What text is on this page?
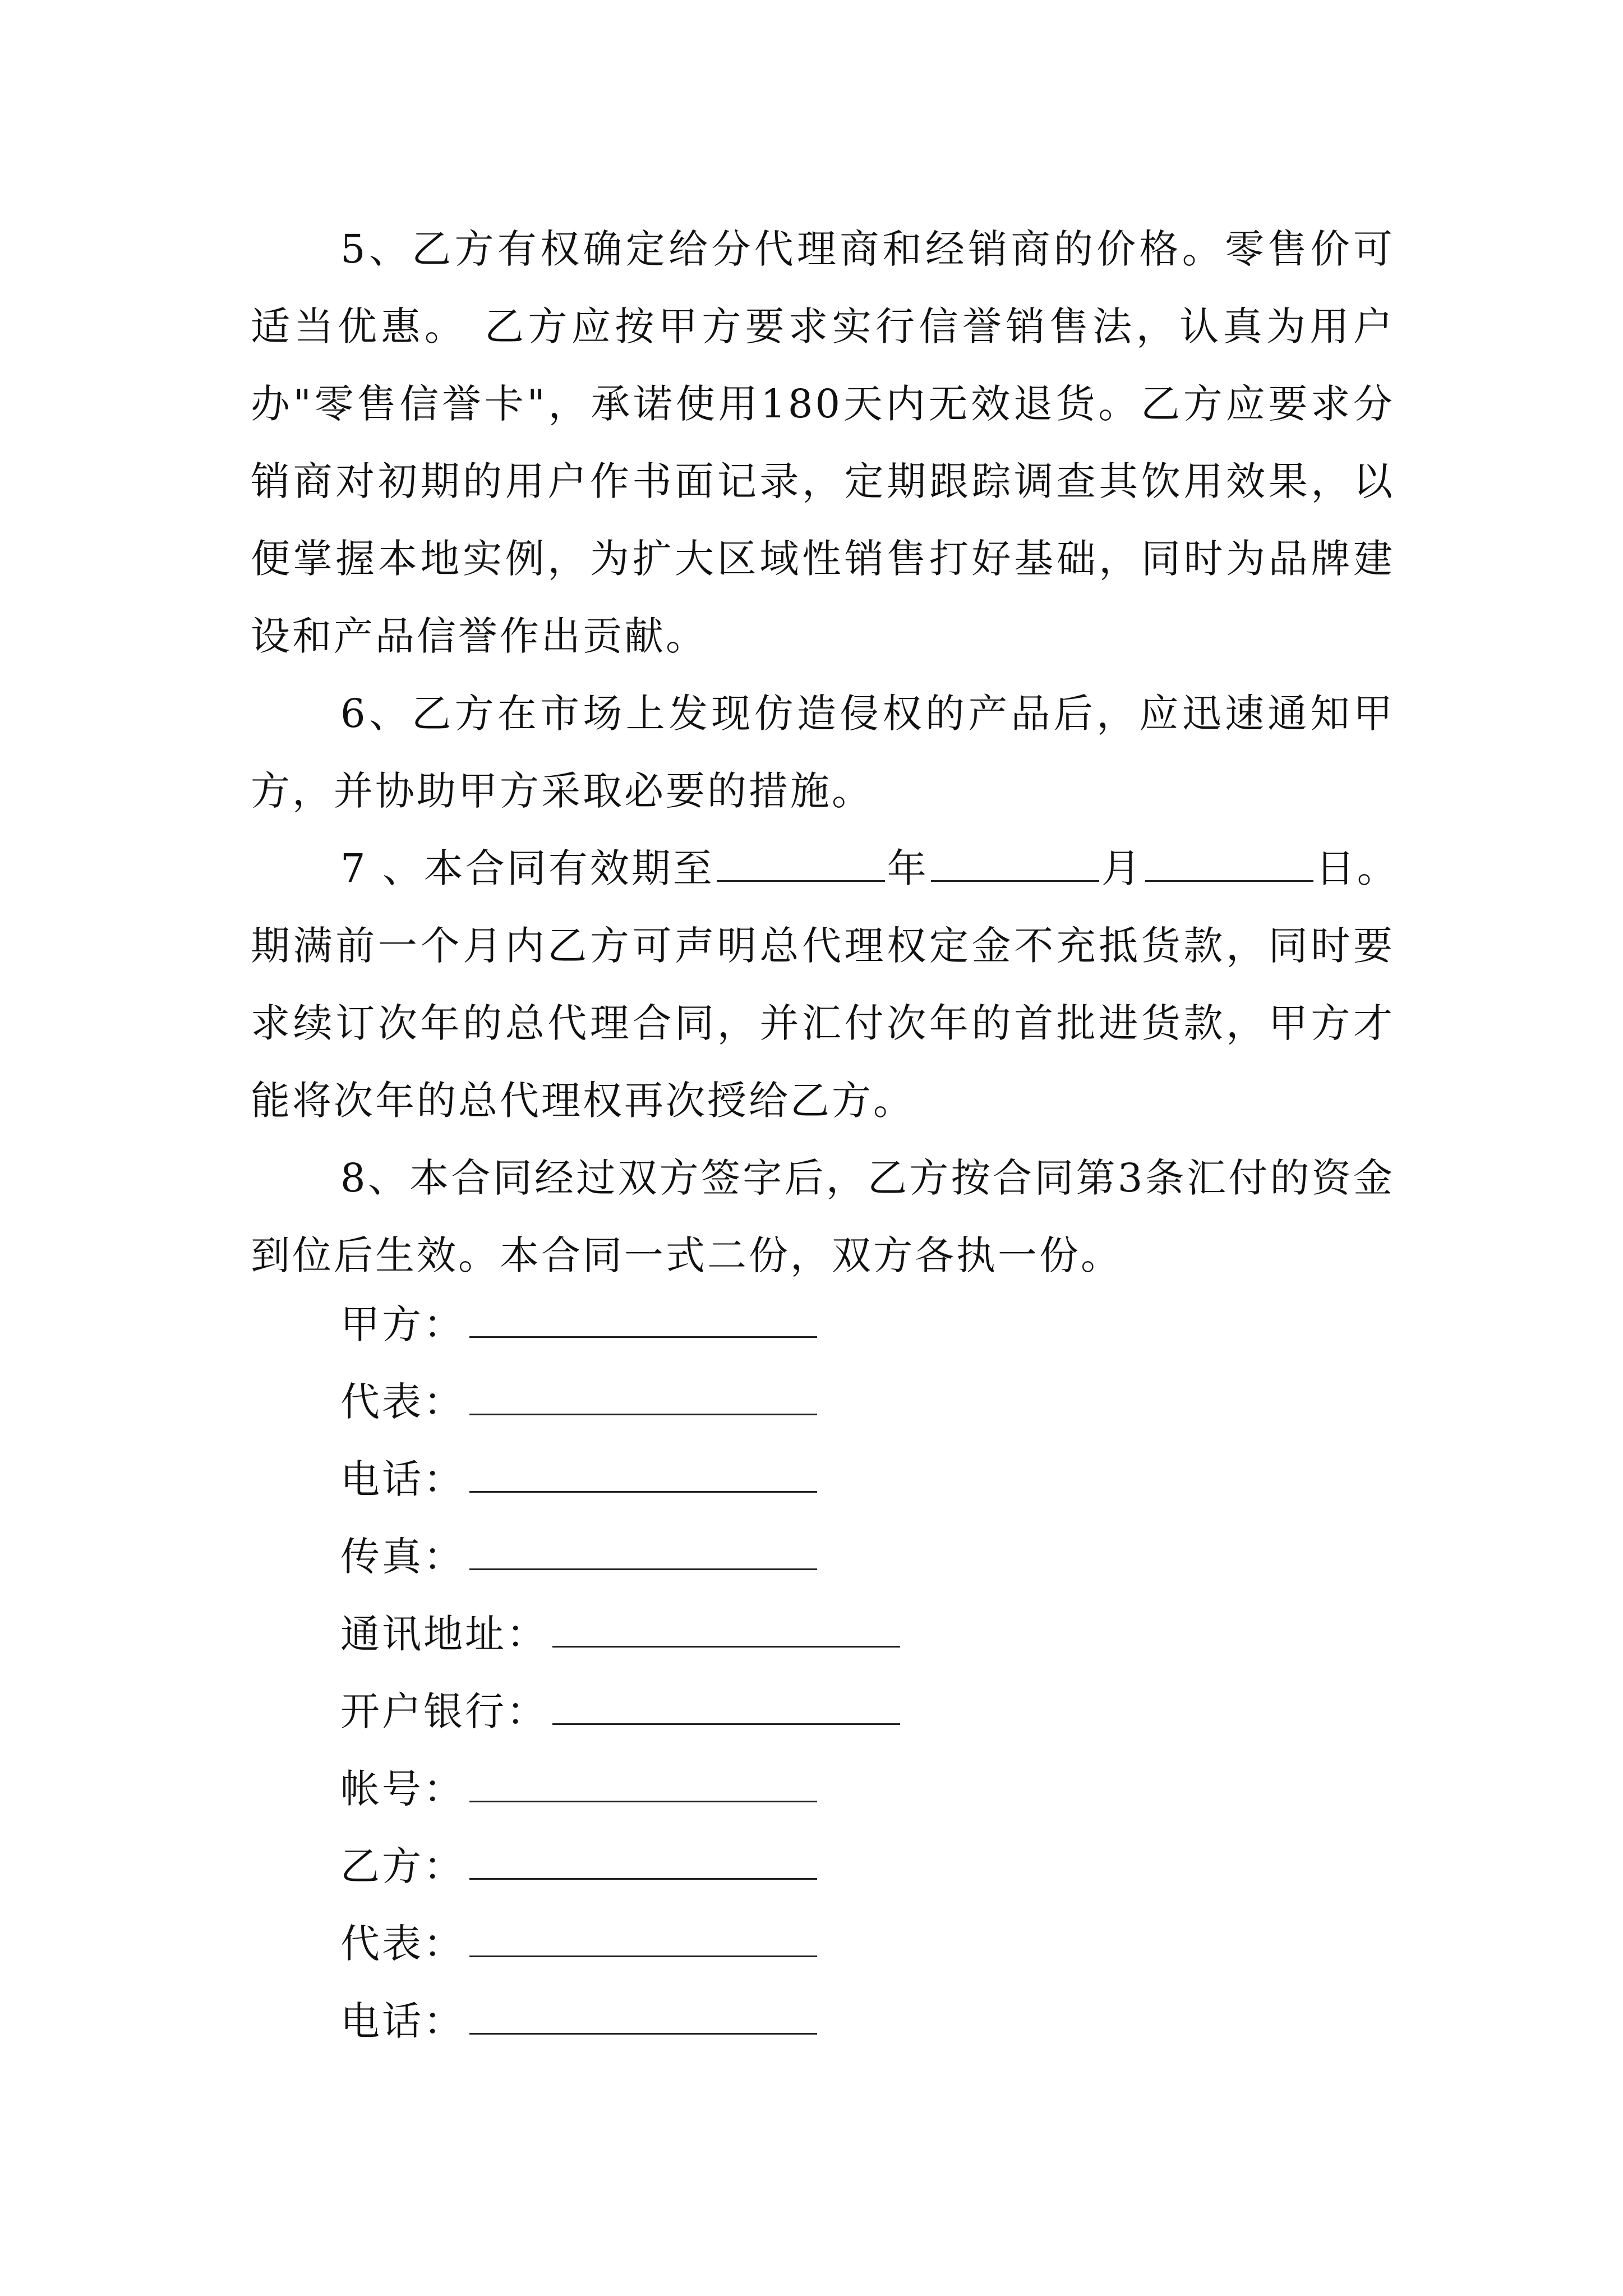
5、乙方有权确定给分代理商和经销商的价格。零售价可适当优惠。 乙方应按甲方要求实行信誉销售法，认真为用户办"零售信誉卡"，承诺使用180天内无效退货。乙方应要求分销商对初期的用户作书面记录，定期跟踪调查其饮用效果，以便掌握本地实例，为扩大区域性销售打好基础，同时为品牌建设和产品信誉作出贡献。

6、乙方在市场上发现仿造侵权的产品后，应迅速通知甲方，并协助甲方采取必要的措施。

7 、本合同有效期至	年	月	日。

期满前一个月内乙方可声明总代理权定金不充抵货款，同时要求续订次年的总代理合同，并汇付次年的首批进货款，甲方才能将次年的总代理权再次授给乙方。

8、本合同经过双方签字后，乙方按合同第3条汇付的资金到位后生效。本合同一式二份，双方各执一份。

甲方：
代表：
电话：
传真：
通讯地址：
开户银行：
帐号：
乙方：
代表：
电话：
